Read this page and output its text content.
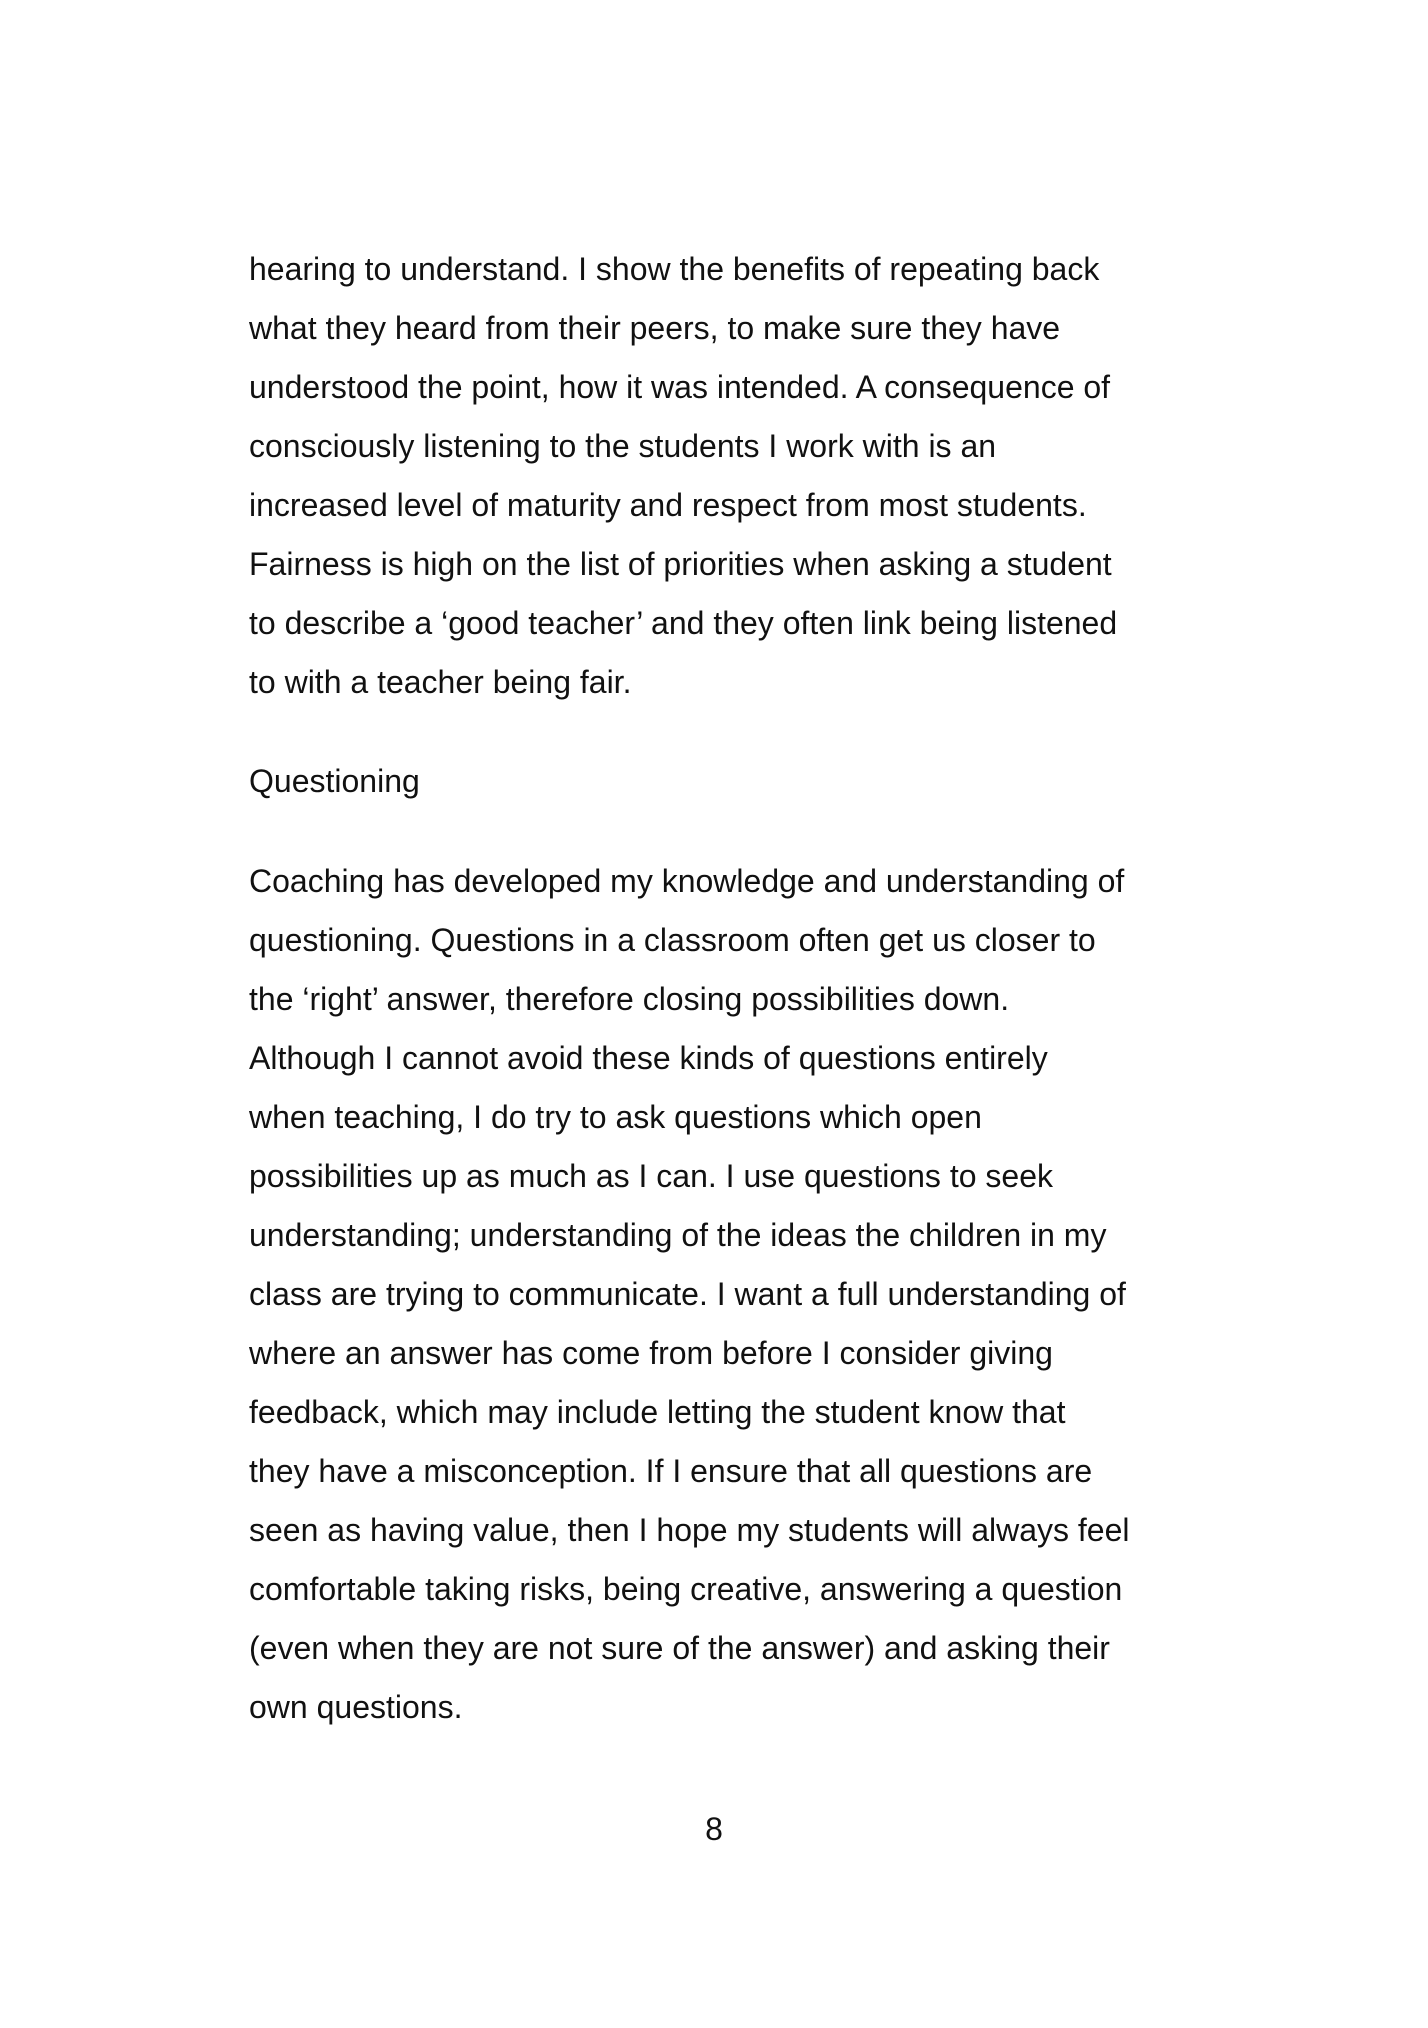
hearing to understand. I show the benefits of repeating back
what they heard from their peers, to make sure they have
understood the point, how it was intended. A consequence of
consciously listening to the students I work with is an
increased level of maturity and respect from most students.
Fairness is high on the list of priorities when asking a student
to describe a ‘good teacher’ and they often link being listened
to with a teacher being fair.
Questioning
Coaching has developed my knowledge and understanding of
questioning. Questions in a classroom often get us closer to
the ‘right’ answer, therefore closing possibilities down.
Although I cannot avoid these kinds of questions entirely
when teaching, I do try to ask questions which open
possibilities up as much as I can. I use questions to seek
understanding; understanding of the ideas the children in my
class are trying to communicate. I want a full understanding of
where an answer has come from before I consider giving
feedback, which may include letting the student know that
they have a misconception. If I ensure that all questions are
seen as having value, then I hope my students will always feel
comfortable taking risks, being creative, answering a question
(even when they are not sure of the answer) and asking their
own questions.
8
